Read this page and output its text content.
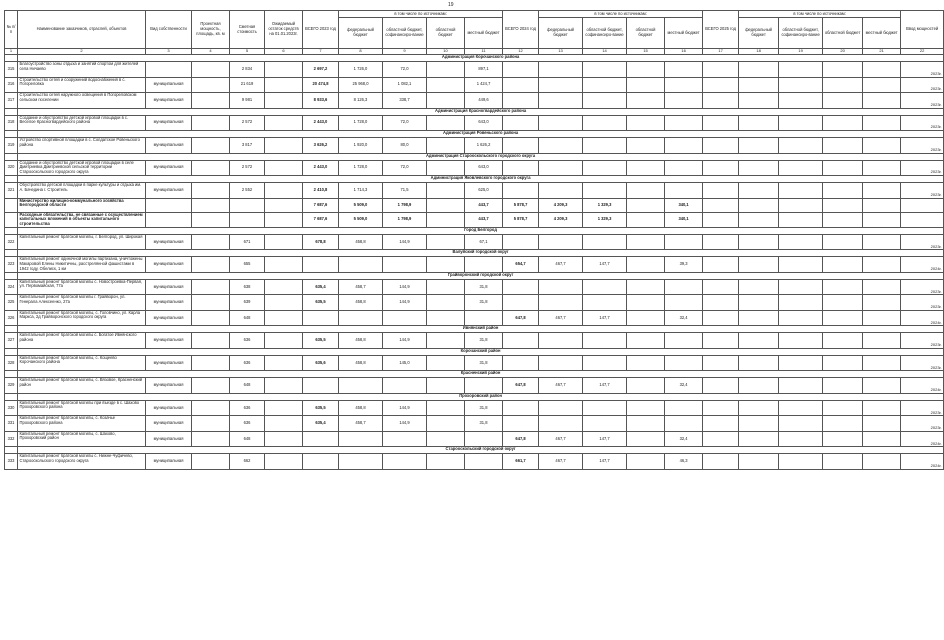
19
№ п/п	Наименование заказчиков, отраслей, объектов	Вид собственности	Проектная мощность, площадь, кв. м	Сметная стоимость	Ожидаемый остаток средств на 01.01.2023г.	ВСЕГО 2023 год	в том числе по источникам:				ВСЕГО 2024 год	в том числе по источникам:				ВСЕГО 2025 год	в том числе по источникам:				Ввод мощностей
							федеральный бюджет	областной бюджет, софинансиро-вание	областной бюджет	местный бюджет		федеральный бюджет	областной бюджет, софинансиро-вание	областной бюджет	местный бюджет		федеральный бюджет	областной бюджет, софинансиро-вание	областной бюджет	местный бюджет	
1	2	3	4	5	6	7	8	9	10	11	12	13	14	15	16	17	18	19	20	21	22
	Администрация Корочанского района																				
315	Благоустройство зоны отдыха и занятий спортом для жителей села Ничаево			2 834		2 697,2	1 726,0	72,0		897,1											2023г.
316	Строительство сетей и сооружений водоснабжения в с. Погореловка	муниципальная		21 619		20 474,8	25 968,0	1 082,1		1 424,7											2023г.
317	Строительство сетей наружного освещения в Погореловском сельском поселении	муниципальная		9 981		8 933,6	8 126,3	338,7		449,6											2023г.
	Администрация Красногвардейского района																				
318	Создание и обустройство детской игровой площадки в с. Веселое Красногвардейского района	муниципальная		2 572		2 443,0	1 728,0	72,0		643,0											2023г.
	Администрация Ровеньского района																				
319	Устройство спортивной площадки в с. Солдатское Ровеньского района	муниципальная		3 817		3 626,2	1 920,0	80,0		1 626,2											2023г.
	Администрация Старооскольского городского округа																				
320	Создание и обустройство детской игровой площадки в селе Дмитриевка Дмитриевской сельской территории Старооскольского городского округа	муниципальная		2 572		2 443,0	1 728,0	72,0		643,0											2023г.
	Администрация Яковлевского городского округа																				
321	Обустройство детской площадки в парке культуры и отдыха им. А. Бачедина г. Строитель	муниципальная		2 552		2 410,8	1 714,3	71,5		625,0											2023г.
	Министерство жилищно-коммунального хозяйства Белгородской области					7 687,6	5 509,0	1 798,9		443,7	5 878,7	4 209,3	1 329,3		340,1						
	Расходные обязательства, не связанные с осуществлением капитальных вложений в объекты капитального строительства					7 687,6	5 509,0	1 798,9		443,7	5 878,7	4 209,3	1 329,3		340,1						
	Город Белгород																				
322	Капитальный ремонт братской могилы, г. Белгород, ул. Широкая	муниципальная		671		678,8	458,8	144,9		67,1											2023г.
	Валуйский городской округ																				
323	Капитальный ремонт одиночной могилы партизана, уничтожены Макаровой Елены Никитичны, расстрелянной фашистами в 1942 году, Обелиск, 1 км	муниципальная		655							654,7	467,7	147,7		39,3						2024г.
	Грайворонский городской округ																				
324	Капитальный ремонт братской могилы с. Новостроевка-Первая, ул. Первомайская, 77а	муниципальная		638		635,4	458,7	144,9		31,8											2023г.
325	Капитальный ремонт братской могилы г. Грайворон, ул. Генерала Алексеенко, 27а	муниципальная		639		635,5	458,8	144,9		31,8											2023г.
326	Капитальный ремонт братской могилы, с. Головчино, ул. Карла Маркса, 2д Грайворонского городского округа	муниципальная		648							647,8	467,7	147,7		32,4						2024г.
	Ивнянский район																				
327	Капитальный ремонт братской могилы с. Богатое Ивнянского района	муниципальная		636		635,5	458,8	144,9		31,8											2023г.
	Корочанский район																				
328	Капитальный ремонт братской могилы, с. Кощеево Корочанского района	муниципальная		636		635,6	458,8	145,0		31,8											2023г.
	Красненский район																				
329	Капитальный ремонт братской могилы, с. Вязовое, Красненский район	муниципальная		648							647,8	467,7	147,7		32,4						2024г.
	Прохоровский район																				
330	Капитальный ремонт братской могилы при въезде в с. Шахово Прохоровского района	муниципальная		636		635,5	458,8	144,9		31,8											2023г.
331	Капитальный ремонт братской могилы, с. Козачье Прохоровского района	муниципальная		636		635,4	458,7	144,9		31,8											2023г.
332	Капитальный ремонт братской могилы, с. Шахово, Прохоровский район	муниципальная		648							647,8	467,7	147,7		32,4						2024г.
	Старооскольский городской округ																				
333	Капитальный ремонт братской могилы с. Нижне-Чуфичево, Старооскольского городского округа	муниципальная		662							661,7	467,7	147,7		46,3						2024г.
